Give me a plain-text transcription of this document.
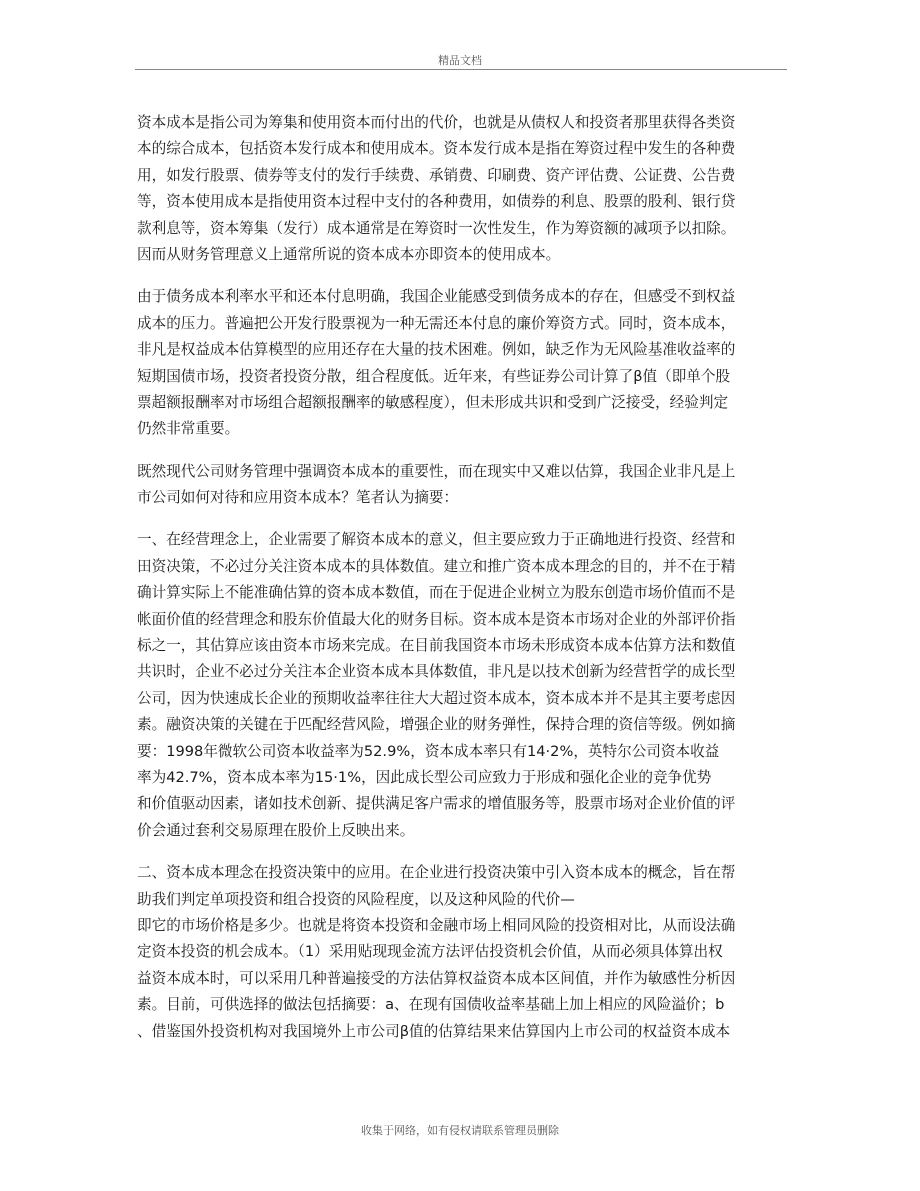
精品文档
资本成本是指公司为筹集和使用资本而付出的代价，也就是从债权人和投资者那里获得各类资
本的综合成本，包括资本发行成本和使用成本。资本发行成本是指在筹资过程中发生的各种费
用，如发行股票、债券等支付的发行手续费、承销费、印刷费、资产评估费、公证费、公告费
等，资本使用成本是指使用资本过程中支付的各种费用，如债券的利息、股票的股利、银行贷
款利息等，资本筹集（发行）成本通常是在筹资时一次性发生，作为筹资额的减项予以扣除。
因而从财务管理意义上通常所说的资本成本亦即资本的使用成本。
由于债务成本利率水平和还本付息明确，我国企业能感受到债务成本的存在，但感受不到权益
成本的压力。普遍把公开发行股票视为一种无需还本付息的廉价筹资方式。同时，资本成本，
非凡是权益成本估算模型的应用还存在大量的技术困难。例如，缺乏作为无风险基准收益率的
短期国债市场，投资者投资分散，组合程度低。近年来，有些证券公司计算了β值（即单个股
票超额报酬率对市场组合超额报酬率的敏感程度），但未形成共识和受到广泛接受，经验判定
仍然非常重要。
既然现代公司财务管理中强调资本成本的重要性，而在现实中又难以估算，我国企业非凡是上
市公司如何对待和应用资本成本？笔者认为摘要：
一、在经营理念上，企业需要了解资本成本的意义，但主要应致力于正确地进行投资、经营和
田资决策，不必过分关注资本成本的具体数值。建立和推广资本成本理念的目的，并不在于精
确计算实际上不能准确估算的资本成本数值，而在于促进企业树立为股东创造市场价值而不是
帐面价值的经营理念和股东价值最大化的财务目标。资本成本是资本市场对企业的外部评价指
标之一，其估算应该由资本市场来完成。在目前我国资本市场未形成资本成本估算方法和数值
共识时，企业不必过分关注本企业资本成本具体数值，非凡是以技术创新为经营哲学的成长型
公司，因为快速成长企业的预期收益率往往大大超过资本成本，资本成本并不是其主要考虑因
素。融资决策的关键在于匹配经营风险，增强企业的财务弹性，保持合理的资信等级。例如摘
要：1998年微软公司资本收益率为52.9%，资本成本率只有14·2%，英特尔公司资本收益
率为42.7%，资本成本率为15·1%，因此成长型公司应致力于形成和强化企业的竞争优势
和价值驱动因素，诸如技术创新、提供满足客户需求的增值服务等，股票市场对企业价值的评
价会通过套利交易原理在股价上反映出来。
二、资本成本理念在投资决策中的应用。在企业进行投资决策中引入资本成本的概念，旨在帮
助我们判定单项投资和组合投资的风险程度，以及这种风险的代价—
即它的市场价格是多少。也就是将资本投资和金融市场上相同风险的投资相对比，从而设法确
定资本投资的机会成本。（1）采用贴现现金流方法评估投资机会价值，从而必须具体算出权
益资本成本时，可以采用几种普遍接受的方法估算权益资本成本区间值，并作为敏感性分析因
素。目前，可供选择的做法包括摘要：a、在现有国债收益率基础上加上相应的风险溢价；b
、借鉴国外投资机构对我国境外上市公司β值的估算结果来估算国内上市公司的权益资本成本
收集于网络，如有侵权请联系管理员删除
